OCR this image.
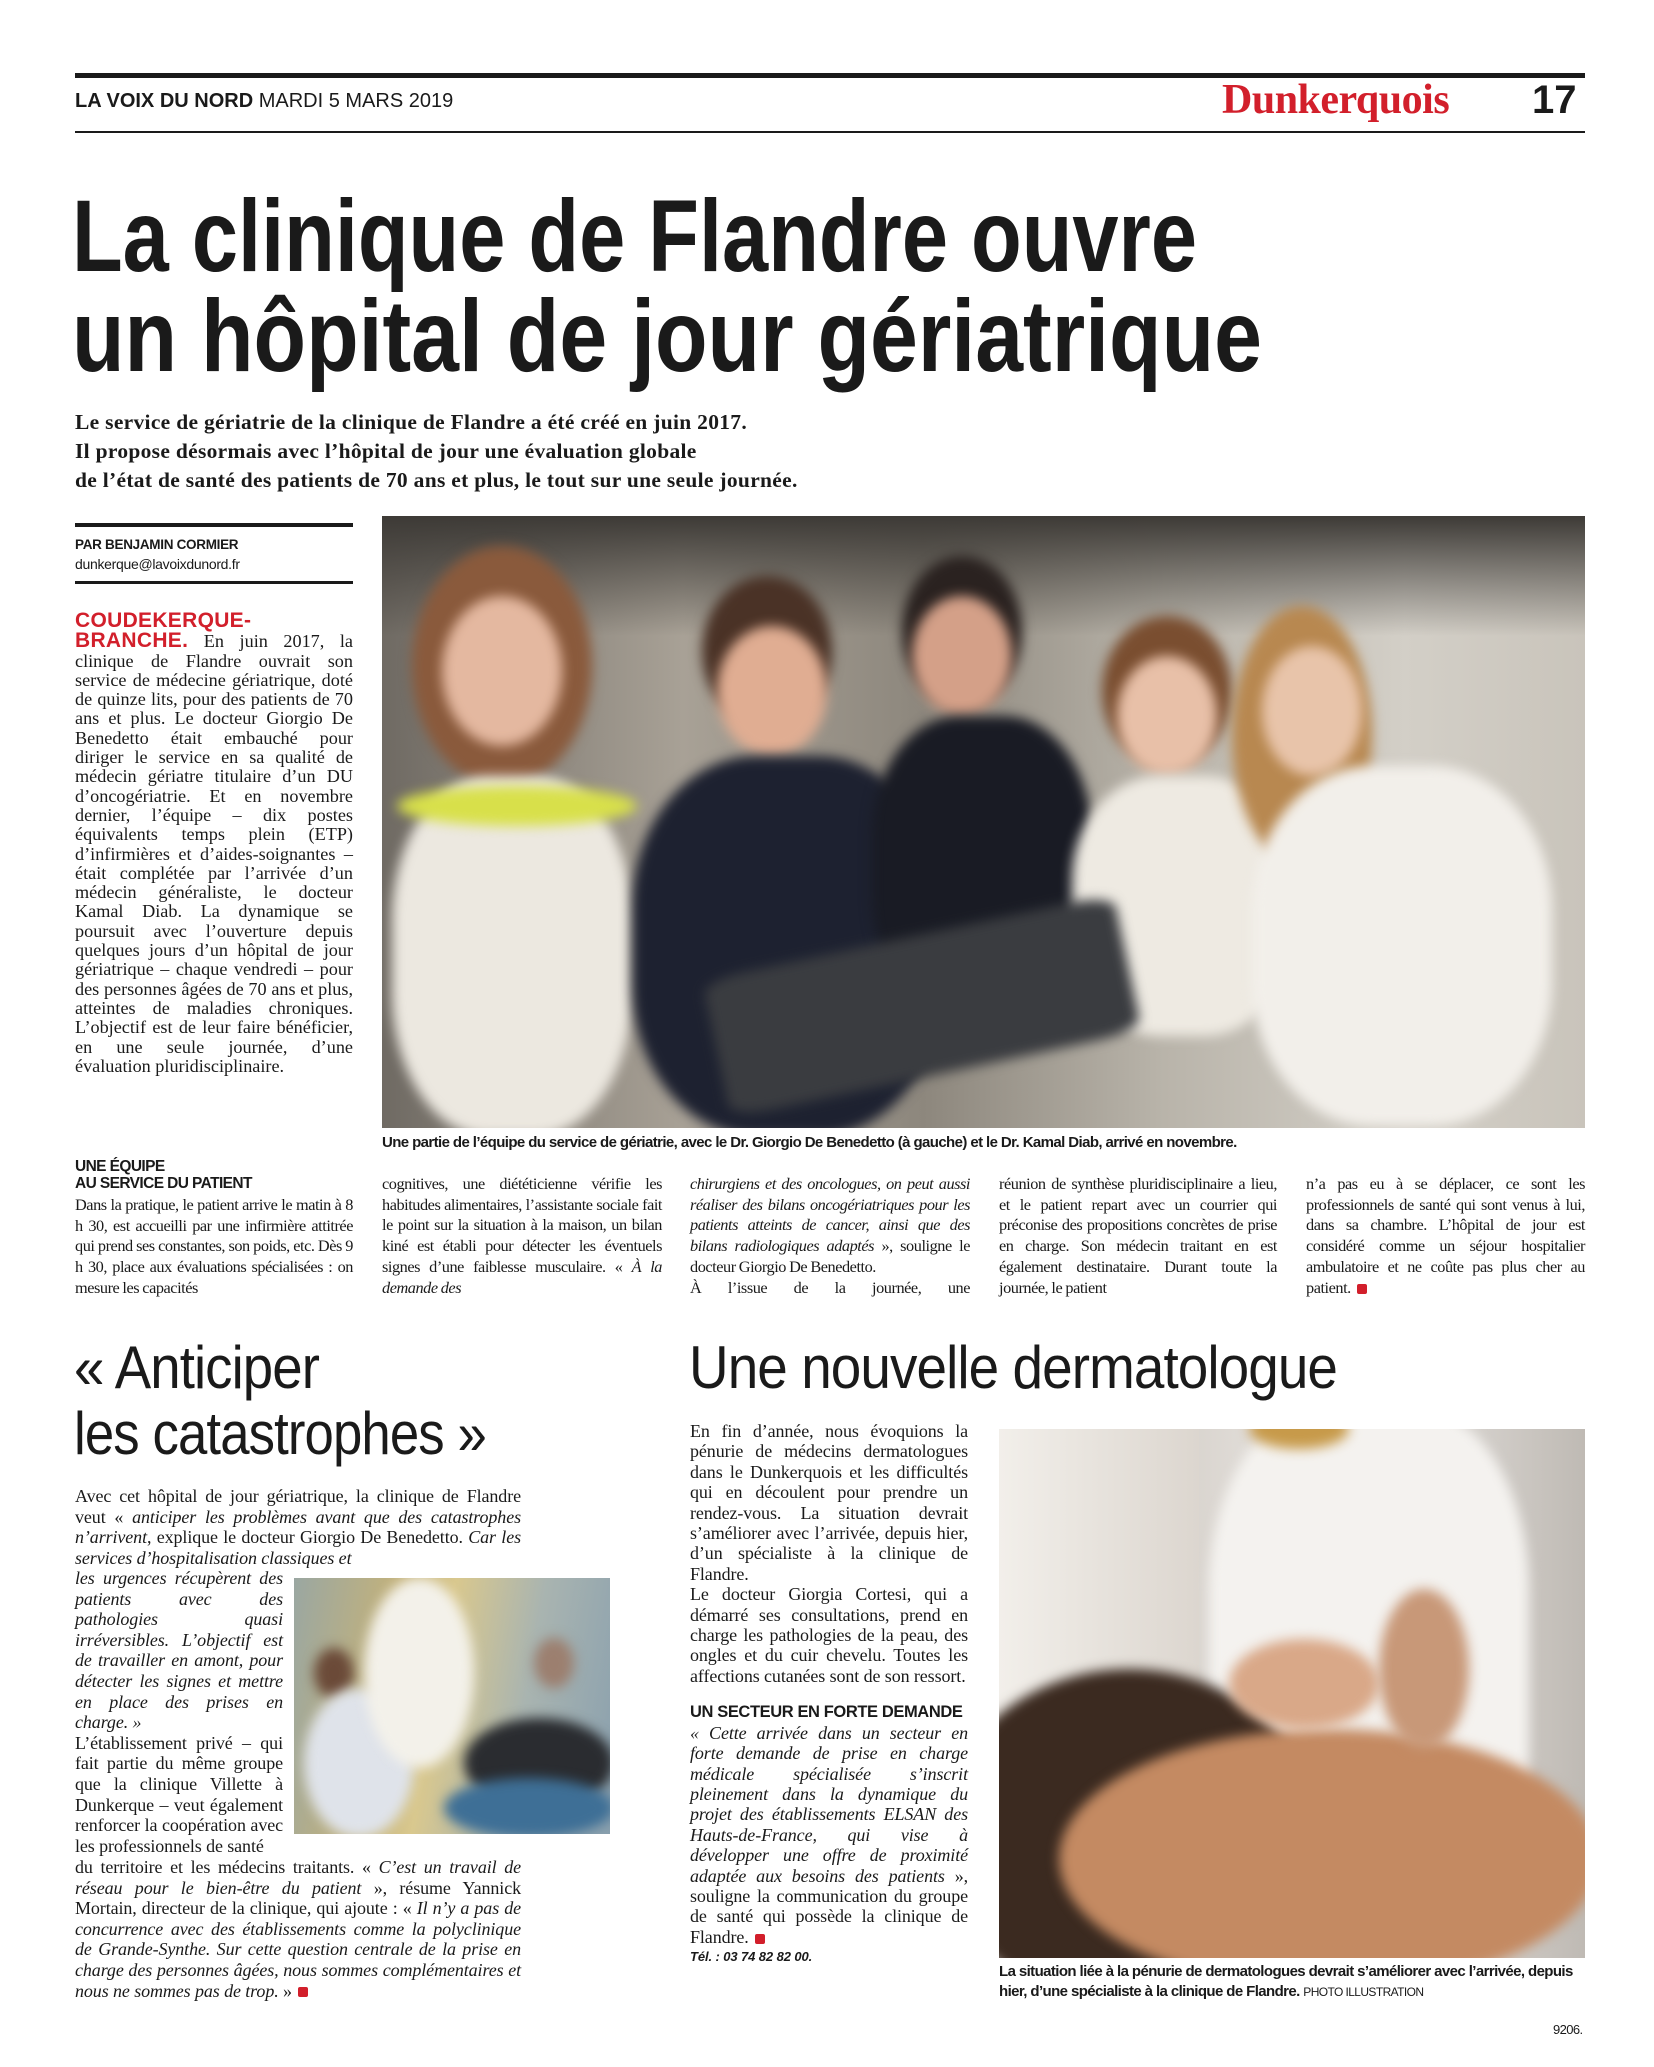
LA VOIX DU NORD MARDI 5 MARS 2019	Dunkerquois 17
La clinique de Flandre ouvre
un hôpital de jour gériatrique
Le service de gériatrie de la clinique de Flandre a été créé en juin 2017.
Il propose désormais avec l’hôpital de jour une évaluation globale
de l’état de santé des patients de 70 ans et plus, le tout sur une seule journée.
PAR BENJAMIN CORMIER
dunkerque@lavoixdunord.fr
COUDEKERQUE-BRANCHE. En juin 2017, la clinique de Flandre ouvrait son service de médecine gériatrique, doté de quinze lits, pour des patients de 70 ans et plus. Le docteur Giorgio De Benedetto était embauché pour diriger le service en sa qualité de médecin gériatre titulaire d’un DU d’oncogériatrie. Et en novembre dernier, l’équipe – dix postes équivalents temps plein (ETP) d’infirmières et d’aides-soignantes – était complétée par l’arrivée d’un médecin généraliste, le docteur Kamal Diab. La dynamique se poursuit avec l’ouverture depuis quelques jours d’un hôpital de jour gériatrique – chaque vendredi – pour des personnes âgées de 70 ans et plus, atteintes de maladies chroniques. L’objectif est de leur faire bénéficier, en une seule journée, d’une évaluation pluridisciplinaire.
Une partie de l’équipe du service de gériatrie, avec le Dr. Giorgio De Benedetto (à gauche) et le Dr. Kamal Diab, arrivé en novembre.
UNE ÉQUIPE
AU SERVICE DU PATIENT
Dans la pratique, le patient arrive le matin à 8 h 30, est accueilli par une infirmière attitrée qui prend ses constantes, son poids, etc. Dès 9 h 30, place aux évaluations spécialisées : on mesure les capacités
cognitives, une diététicienne vérifie les habitudes alimentaires, l’assistante sociale fait le point sur la situation à la maison, un bilan kiné est établi pour détecter les éventuels signes d’une faiblesse musculaire. « À la demande des
chirurgiens et des oncologues, on peut aussi réaliser des bilans oncogériatriques pour les patients atteints de cancer, ainsi que des bilans radiologiques adaptés », souligne le docteur Giorgio De Benedetto.
À l’issue de la journée, une
réunion de synthèse pluridisciplinaire a lieu, et le patient repart avec un courrier qui préconise des propositions concrètes de prise en charge. Son médecin traitant en est également destinataire. Durant toute la journée, le patient
n’a pas eu à se déplacer, ce sont les professionnels de santé qui sont venus à lui, dans sa chambre. L’hôpital de jour est considéré comme un séjour hospitalier ambulatoire et ne coûte pas plus cher au patient.
« Anticiper
les catastrophes »
Avec cet hôpital de jour gériatrique, la clinique de Flandre veut « anticiper les problèmes avant que des catastrophes n’arrivent, explique le docteur Giorgio De Benedetto. Car les services d’hospitalisation classiques et
les urgences récupèrent des patients avec des pathologies quasi irréversibles. L’objectif est de travailler en amont, pour détecter les signes et mettre en place des prises en charge. »
L’établissement privé – qui fait partie du même groupe que la clinique Villette à Dunkerque – veut également renforcer la coopération avec les professionnels de santé
du territoire et les médecins traitants. « C’est un travail de réseau pour le bien-être du patient », résume Yannick Mortain, directeur de la clinique, qui ajoute : « Il n’y a pas de concurrence avec des établissements comme la polyclinique de Grande-Synthe. Sur cette question centrale de la prise en charge des personnes âgées, nous sommes complémentaires et nous ne sommes pas de trop. »
Une nouvelle dermatologue
En fin d’année, nous évoquions la pénurie de médecins dermatologues dans le Dunkerquois et les difficultés qui en découlent pour prendre un rendez-vous. La situation devrait s’améliorer avec l’arrivée, depuis hier, d’un spécialiste à la clinique de Flandre.
Le docteur Giorgia Cortesi, qui a démarré ses consultations, prend en charge les pathologies de la peau, des ongles et du cuir chevelu. Toutes les affections cutanées sont de son ressort.
UN SECTEUR EN FORTE DEMANDE
« Cette arrivée dans un secteur en forte demande de prise en charge médicale spécialisée s’inscrit pleinement dans la dynamique du projet des établissements ELSAN des Hauts-de-France, qui vise à développer une offre de proximité adaptée aux besoins des patients », souligne la communication du groupe de santé qui possède la clinique de Flandre.
Tél. : 03 74 82 82 00.
La situation liée à la pénurie de dermatologues devrait s’améliorer avec l’arrivée, depuis hier, d’une spécialiste à la clinique de Flandre. PHOTO ILLUSTRATION
9206.
